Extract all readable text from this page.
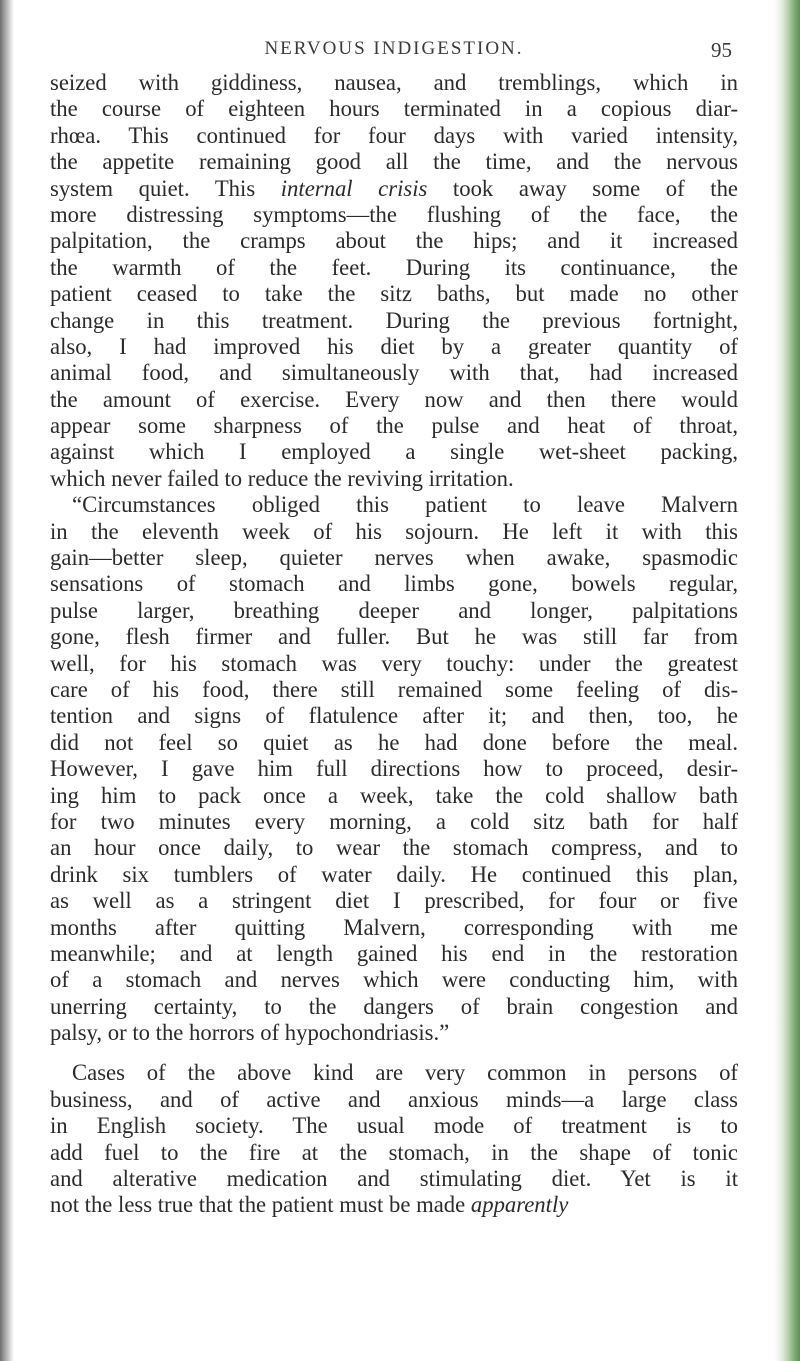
NERVOUS INDIGESTION.	95
seized with giddiness, nausea, and tremblings, which in
the course of eighteen hours terminated in a copious diar-
rhœa. This continued for four days with varied intensity,
the appetite remaining good all the time, and the nervous
system quiet. This internal crisis took away some of the
more distressing symptoms—the flushing of the face, the
palpitation, the cramps about the hips; and it increased
the warmth of the feet. During its continuance, the
patient ceased to take the sitz baths, but made no other
change in this treatment. During the previous fortnight,
also, I had improved his diet by a greater quantity of
animal food, and simultaneously with that, had increased
the amount of exercise. Every now and then there would
appear some sharpness of the pulse and heat of throat,
against which I employed a single wet-sheet packing,
which never failed to reduce the reviving irritation.
“Circumstances obliged this patient to leave Malvern
in the eleventh week of his sojourn. He left it with this
gain—better sleep, quieter nerves when awake, spasmodic
sensations of stomach and limbs gone, bowels regular,
pulse larger, breathing deeper and longer, palpitations
gone, flesh firmer and fuller. But he was still far from
well, for his stomach was very touchy: under the greatest
care of his food, there still remained some feeling of dis-
tention and signs of flatulence after it; and then, too, he
did not feel so quiet as he had done before the meal.
However, I gave him full directions how to proceed, desir-
ing him to pack once a week, take the cold shallow bath
for two minutes every morning, a cold sitz bath for half
an hour once daily, to wear the stomach compress, and to
drink six tumblers of water daily. He continued this plan,
as well as a stringent diet I prescribed, for four or five
months after quitting Malvern, corresponding with me
meanwhile; and at length gained his end in the restoration
of a stomach and nerves which were conducting him, with
unerring certainty, to the dangers of brain congestion and
palsy, or to the horrors of hypochondriasis.”
Cases of the above kind are very common in persons of
business, and of active and anxious minds—a large class
in English society. The usual mode of treatment is to
add fuel to the fire at the stomach, in the shape of tonic
and alterative medication and stimulating diet. Yet is it
not the less true that the patient must be made apparently
